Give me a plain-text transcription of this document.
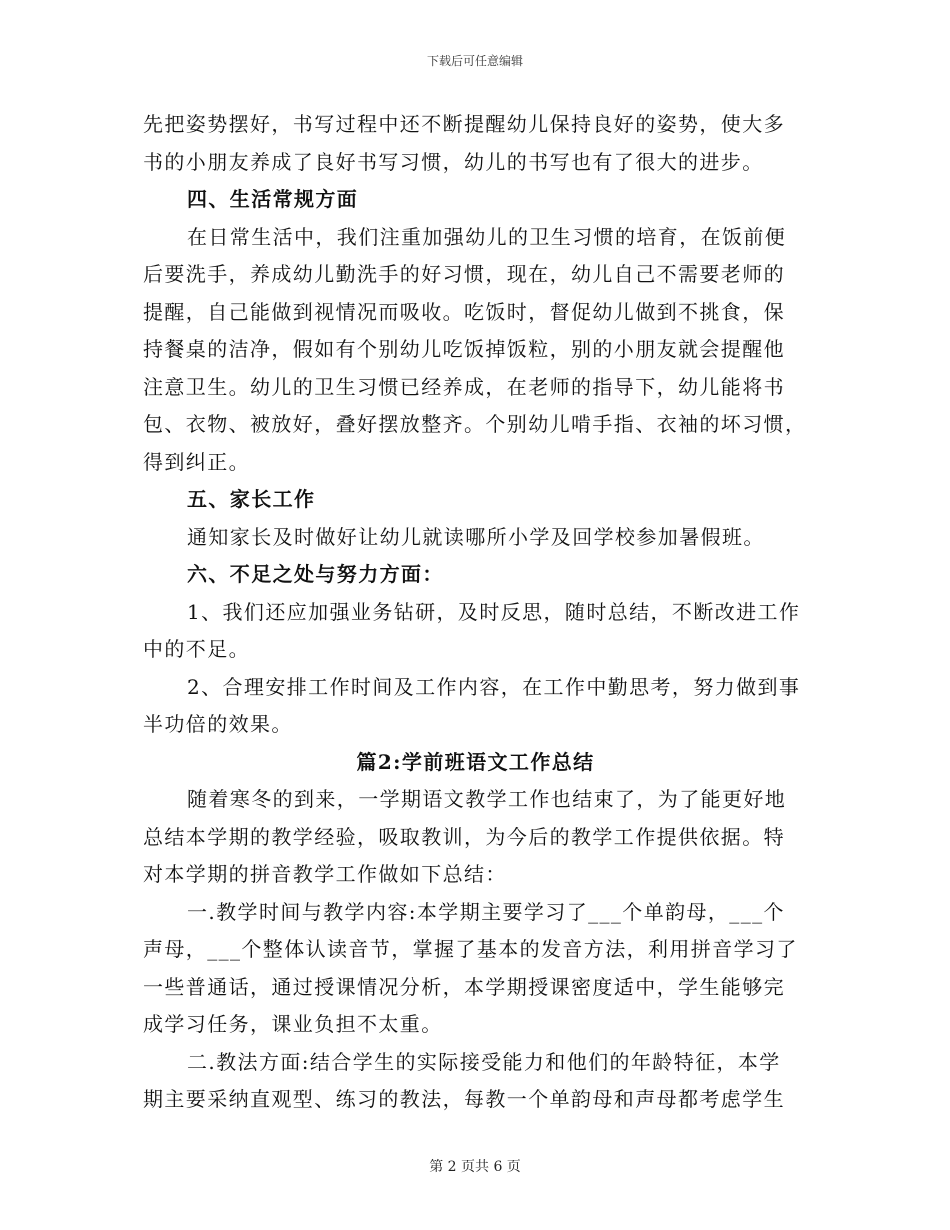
下载后可任意编辑
先把姿势摆好，书写过程中还不断提醒幼儿保持良好的姿势，使大多
书的小朋友养成了良好书写习惯，幼儿的书写也有了很大的进步。
四、生活常规方面
在日常生活中，我们注重加强幼儿的卫生习惯的培育，在饭前便
后要洗手，养成幼儿勤洗手的好习惯，现在，幼儿自己不需要老师的
提醒，自己能做到视情况而吸收。吃饭时，督促幼儿做到不挑食，保
持餐桌的洁净，假如有个别幼儿吃饭掉饭粒，别的小朋友就会提醒他
注意卫生。幼儿的卫生习惯已经养成，在老师的指导下，幼儿能将书
包、衣物、被放好，叠好摆放整齐。个别幼儿啃手指、衣袖的坏习惯，
得到纠正。
五、家长工作
通知家长及时做好让幼儿就读哪所小学及回学校参加暑假班。
六、不足之处与努力方面：
1、我们还应加强业务钻研，及时反思，随时总结，不断改进工作
中的不足。
2、合理安排工作时间及工作内容，在工作中勤思考，努力做到事
半功倍的效果。
篇2:学前班语文工作总结
随着寒冬的到来，一学期语文教学工作也结束了，为了能更好地
总结本学期的教学经验，吸取教训，为今后的教学工作提供依据。特
对本学期的拼音教学工作做如下总结：
一.教学时间与教学内容:本学期主要学习了___个单韵母，___个
声母，___个整体认读音节，掌握了基本的发音方法，利用拼音学习了
一些普通话，通过授课情况分析，本学期授课密度适中，学生能够完
成学习任务，课业负担不太重。
二.教法方面:结合学生的实际接受能力和他们的年龄特征，本学
期主要采纳直观型、练习的教法，每教一个单韵母和声母都考虑学生
第 2 页共 6 页
